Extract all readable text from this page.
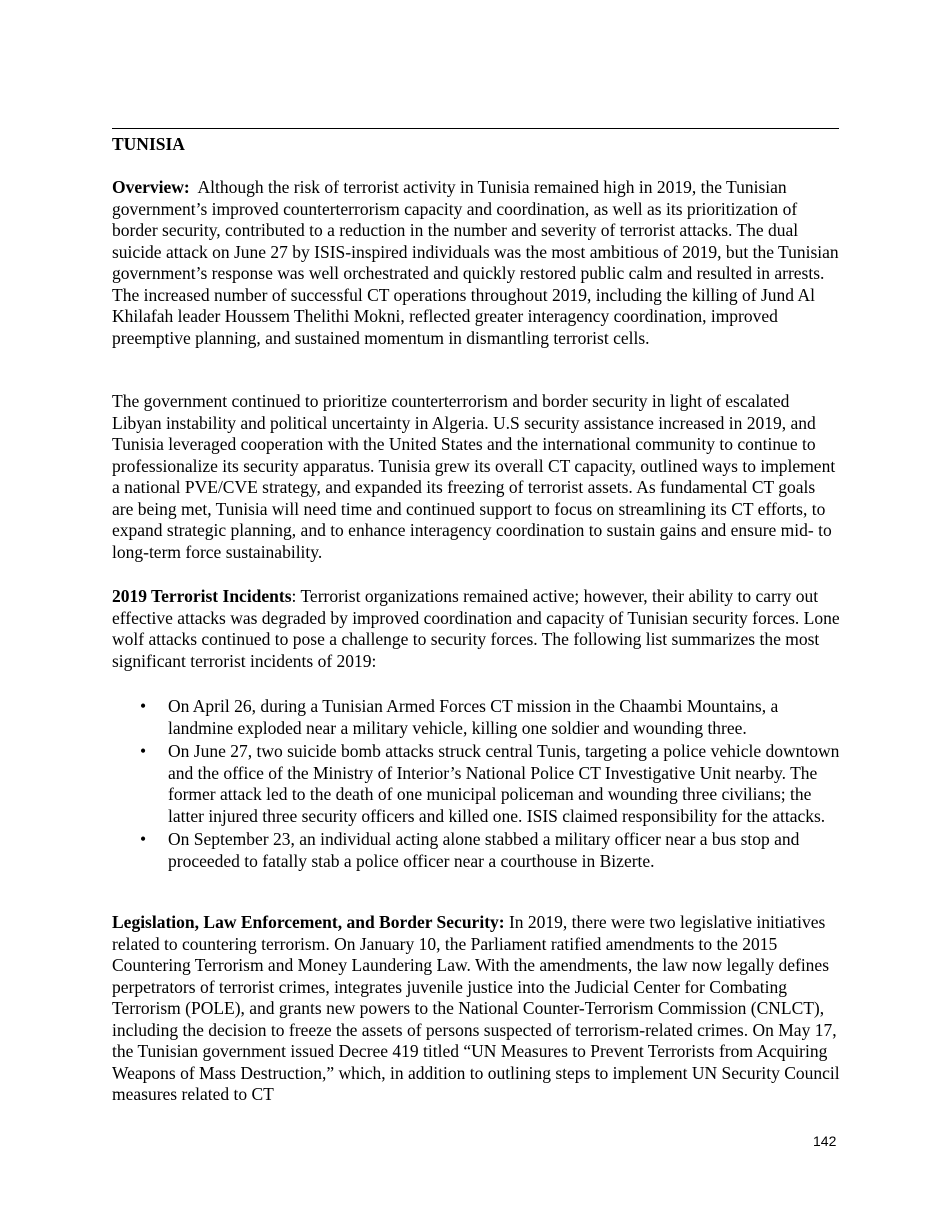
TUNISIA

Overview: Although the risk of terrorist activity in Tunisia remained high in 2019, the Tunisian government’s improved counterterrorism capacity and coordination, as well as its prioritization of border security, contributed to a reduction in the number and severity of terrorist attacks. The dual suicide attack on June 27 by ISIS-inspired individuals was the most ambitious of 2019, but the Tunisian government’s response was well orchestrated and quickly restored public calm and resulted in arrests. The increased number of successful CT operations throughout 2019, including the killing of Jund Al Khilafah leader Houssem Thelithi Mokni, reflected greater interagency coordination, improved preemptive planning, and sustained momentum in dismantling terrorist cells.

The government continued to prioritize counterterrorism and border security in light of escalated Libyan instability and political uncertainty in Algeria. U.S security assistance increased in 2019, and Tunisia leveraged cooperation with the United States and the international community to continue to professionalize its security apparatus. Tunisia grew its overall CT capacity, outlined ways to implement a national PVE/CVE strategy, and expanded its freezing of terrorist assets. As fundamental CT goals are being met, Tunisia will need time and continued support to focus on streamlining its CT efforts, to expand strategic planning, and to enhance interagency coordination to sustain gains and ensure mid- to long-term force sustainability.

2019 Terrorist Incidents: Terrorist organizations remained active; however, their ability to carry out effective attacks was degraded by improved coordination and capacity of Tunisian security forces. Lone wolf attacks continued to pose a challenge to security forces. The following list summarizes the most significant terrorist incidents of 2019:

• On April 26, during a Tunisian Armed Forces CT mission in the Chaambi Mountains, a landmine exploded near a military vehicle, killing one soldier and wounding three.
• On June 27, two suicide bomb attacks struck central Tunis, targeting a police vehicle downtown and the office of the Ministry of Interior’s National Police CT Investigative Unit nearby. The former attack led to the death of one municipal policeman and wounding three civilians; the latter injured three security officers and killed one. ISIS claimed responsibility for the attacks.
• On September 23, an individual acting alone stabbed a military officer near a bus stop and proceeded to fatally stab a police officer near a courthouse in Bizerte.

Legislation, Law Enforcement, and Border Security: In 2019, there were two legislative initiatives related to countering terrorism. On January 10, the Parliament ratified amendments to the 2015 Countering Terrorism and Money Laundering Law. With the amendments, the law now legally defines perpetrators of terrorist crimes, integrates juvenile justice into the Judicial Center for Combating Terrorism (POLE), and grants new powers to the National Counter-Terrorism Commission (CNLCT), including the decision to freeze the assets of persons suspected of terrorism-related crimes. On May 17, the Tunisian government issued Decree 419 titled “UN Measures to Prevent Terrorists from Acquiring Weapons of Mass Destruction,” which, in addition to outlining steps to implement UN Security Council measures related to CT

142
